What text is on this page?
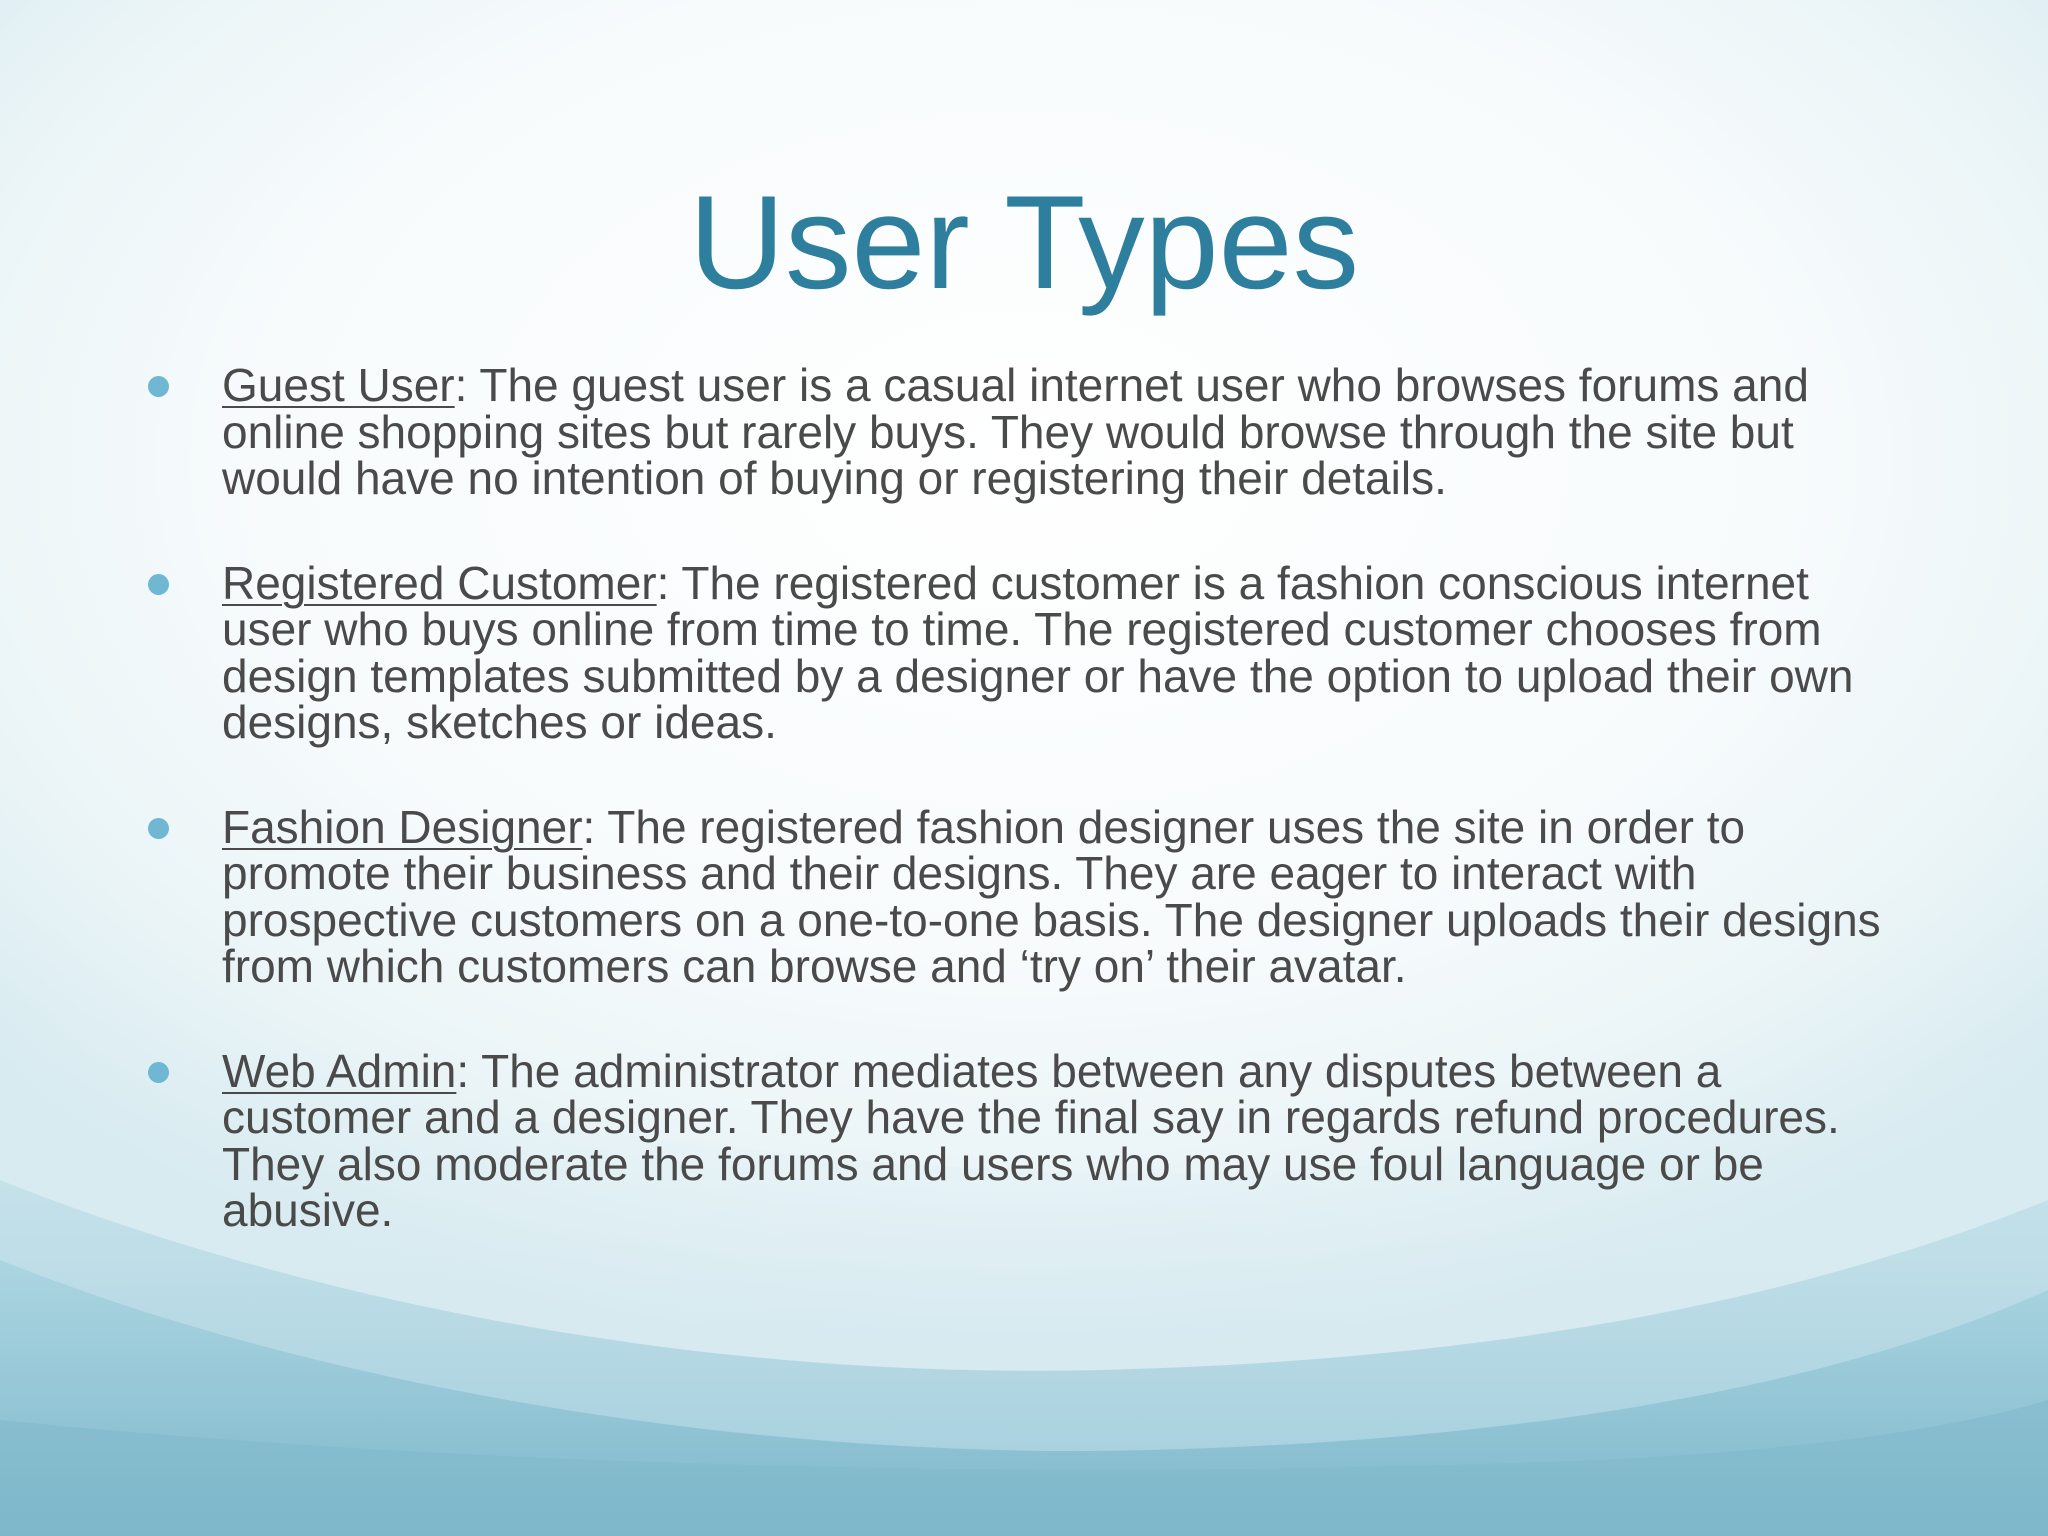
User Types
Guest User: The guest user is a casual internet user who browses forums and online shopping sites but rarely buys. They would browse through the site but would have no intention of buying or registering their details.
Registered Customer: The registered customer is a fashion conscious internet user who buys online from time to time. The registered customer chooses from design templates submitted by a designer or have the option to upload their own designs, sketches or ideas.
Fashion Designer: The registered fashion designer uses the site in order to promote their business and their designs. They are eager to interact with prospective customers on a one-to-one basis. The designer uploads their designs from which customers can browse and ‘try on’ their avatar.
Web Admin: The administrator mediates between any disputes between a customer and a designer. They have the final say in regards refund procedures. They also moderate the forums and users who may use foul language or be abusive.
